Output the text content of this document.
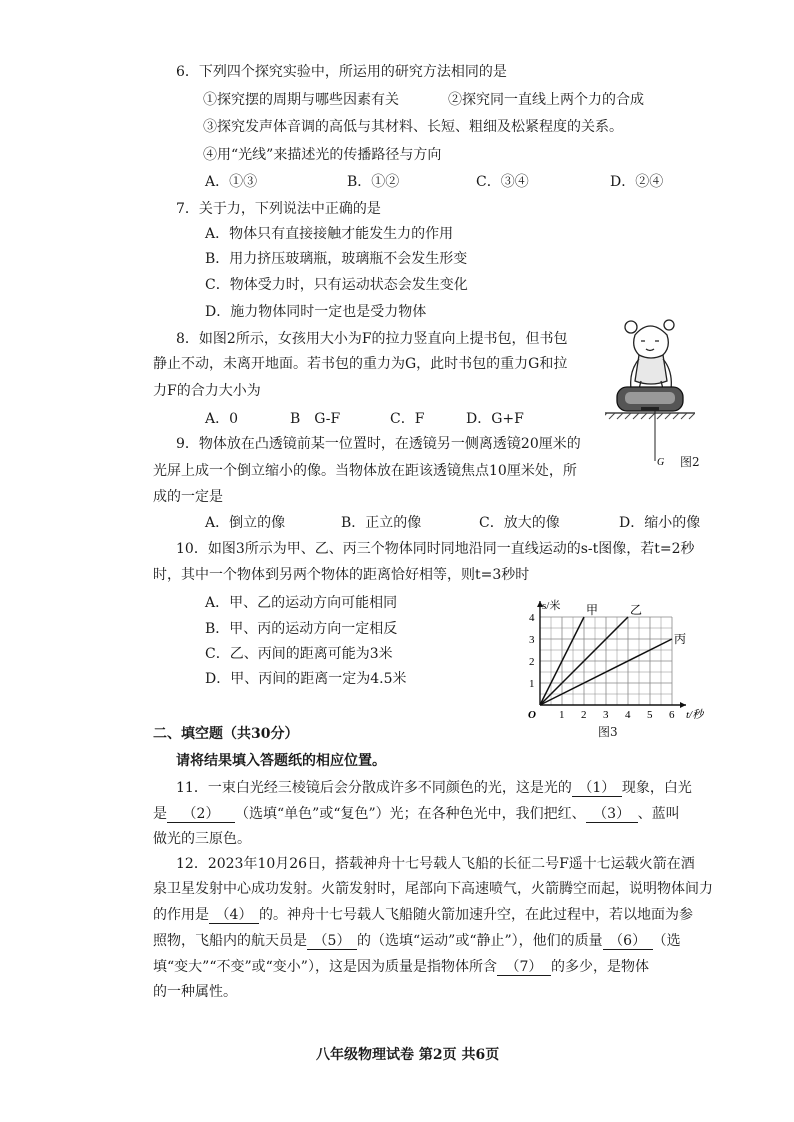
6．下列四个探究实验中，所运用的研究方法相同的是
①探究摆的周期与哪些因素有关	②探究同一直线上两个力的合成
③探究发声体音调的高低与其材料、长短、粗细及松紧程度的关系。
④用“光线”来描述光的传播路径与方向
A．①③	B．①②	C．③④	D．②④
7．关于力，下列说法中正确的是
A．物体只有直接接触才能发生力的作用
B．用力挤压玻璃瓶，玻璃瓶不会发生形变
C．物体受力时，只有运动状态会发生变化
D．施力物体同时一定也是受力物体
8．如图2所示，女孩用大小为F的拉力竖直向上提书包，但书包
静止不动，未离开地面。若书包的重力为G，此时书包的重力G和拉
力F的合力大小为
A．0	B　G-F	C．F	D．G+F
G 图2
9．物体放在凸透镜前某一位置时，在透镜另一侧离透镜20厘米的
光屏上成一个倒立缩小的像。当物体放在距该透镜焦点10厘米处，所
成的一定是
A．倒立的像	B．正立的像	C．放大的像	D．缩小的像
10．如图3所示为甲、乙、丙三个物体同时同地沿同一直线运动的s-t图像，若t=2秒
时，其中一个物体到另两个物体的距离恰好相等，则t=3秒时
A．甲、乙的运动方向可能相同
B．甲、丙的运动方向一定相反
C．乙、丙间的距离可能为3米
D．甲、丙间的距离一定为4.5米
1 2 3 4 5 6
1
2
3
4
O
s/米
t/秒
甲	乙
丙
图3
二、填空题（共30分）
请将结果填入答题纸的相应位置。
11．一束白光经三棱镜后会分散成许多不同颜色的光，这是光的 （1） 现象，白光
是 （2） （选填“单色”或“复色”）光；在各种色光中，我们把红、 （3） 、蓝叫
做光的三原色。
12．2023年10月26日，搭载神舟十七号载人飞船的长征二号F遥十七运载火箭在酒
泉卫星发射中心成功发射。火箭发射时，尾部向下高速喷气，火箭腾空而起，说明物体间力
的作用是 （4） 的。神舟十七号载人飞船随火箭加速升空，在此过程中，若以地面为参
照物，飞船内的航天员是 （5） 的（选填“运动”或“静止”），他们的质量 （6） （选
填“变大”“不变”或“变小”），这是因为质量是指物体所含 （7） 的多少，是物体
的一种属性。
八年级物理试卷 第2页 共6页
